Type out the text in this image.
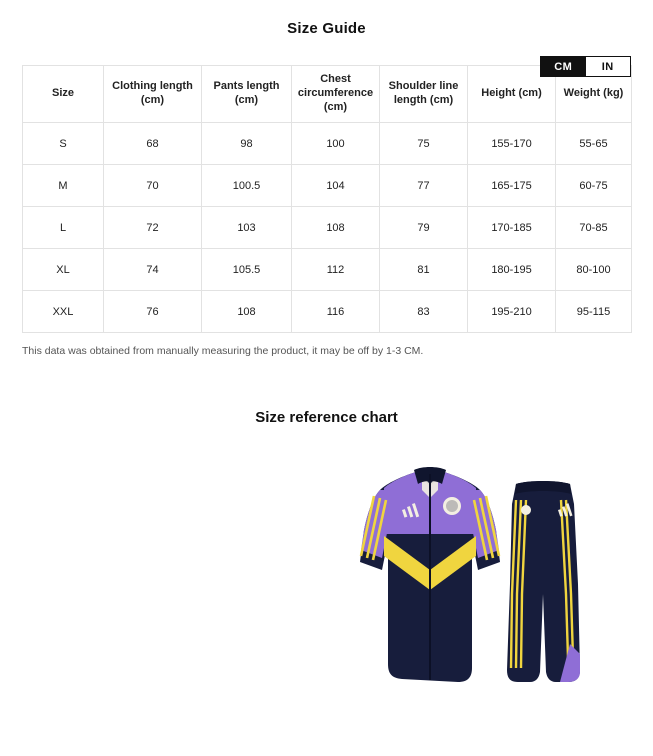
Size Guide
CM	IN
Size	Clothing length (cm)	Pants length (cm)	Chest circumference (cm)	Shoulder line length (cm)	Height (cm)	Weight (kg)
S	68	98	100	75	155-170	55-65
M	70	100.5	104	77	165-175	60-75
L	72	103	108	79	170-185	70-85
XL	74	105.5	112	81	180-195	80-100
XXL	76	108	116	83	195-210	95-115
This data was obtained from manually measuring the product, it may be off by 1-3 CM.
Size reference chart
